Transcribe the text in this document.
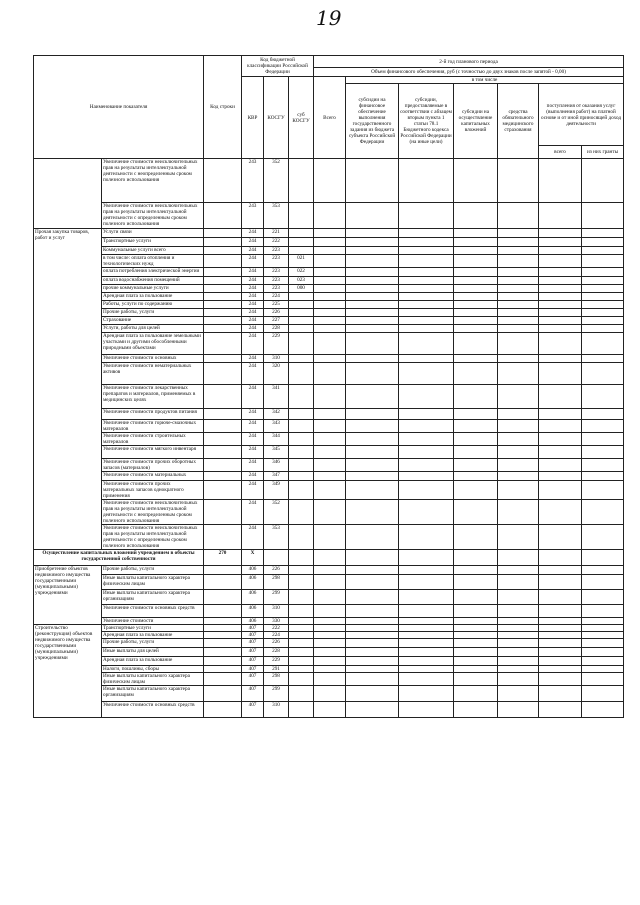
19
Наименование показателя		Код строки	Код бюджетной классификации Российской Федерации			2-й год планового периода						
						Объем финансового обеспечения, руб (с точностью до двух знаков после запятой - 0,00)						
			КВР	КОСГУ	суб КОСГУ	Всего	в том числе					
							субсидии на финансовое обеспечение выполнения государственного задания из бюджета субъекта Российской Федерации	субсидии, предоставляемые в соответствии с абзацем вторым пункта 1 статьи 78.1 Бюджетного кодекса Российской Федерации (на иные цели)	субсидии на осуществление капитальных вложений	средства обязательного медицинского страхования	поступления от оказания услуг (выполнения работ) на платной основе и от иной приносящей доход деятельности	
											всего	из них гранты
	Увеличение стоимости неисключительных прав на результаты интеллектуальной деятельности с неопределенным сроком полезного использования		243	352								
	Увеличение стоимости неисключительных прав на результаты интеллектуальной деятельности с определенным сроком полезного использования		243	353								
Прочая закупка товаров, работ и услуг	Услуги связи		244	221								
	Транспортные услуги		244	222								
	Коммунальные услуги всего		244	223								
	в том числе: оплата отопления и технологических нужд		244	223	021							
	оплата потребления электрической энергии		244	223	022							
	оплата водоснабжения помещений		244	223	023							
	прочие коммунальные услуги		244	223	000							
	Арендная плата за пользование		244	224								
	Работы, услуги по содержанию		244	225								
	Прочие работы, услуги		244	226								
	Страхование		244	227								
	Услуги, работы для целей		244	228								
	Арендная плата за пользование земельными участками и другими обособленными природными объектами		244	229								
	Увеличение стоимости основных		244	310								
	Увеличение стоимости нематериальных активов		244	320								
	Увеличение стоимости лекарственных препаратов и материалов, применяемых в медицинских целях		244	341								
	Увеличение стоимости продуктов питания		244	342								
	Увеличение стоимости горюче-смазочных материалов		244	343								
	Увеличение стоимости строительных материалов		244	344								
	Увеличение стоимости мягкого инвентаря		244	345								
	Увеличение стоимости прочих оборотных запасов (материалов)		244	346								
	Увеличение стоимости материальных		244	347								
	Увеличение стоимости прочих материальных запасов однократного применения		244	349								
	Увеличение стоимости неисключительных прав на результаты интеллектуальной деятельности с неопределенным сроком полезного использования		244	352								
	Увеличение стоимости неисключительных прав на результаты интеллектуальной деятельности с определенным сроком полезного использования		244	353								
Осуществление капитальных вложений учреждением в объекты государственной собственности		270	Х									
Приобретение объектов недвижимого имущества государственными (муниципальными) учреждениями	Прочие работы, услуги		406	226								
	Иные выплаты капитального характера физическим лицам		406	298								
	Иные выплаты капитального характера организациям		406	299								
	Увеличение стоимости основных средств		406	310								
	Увеличение стоимости		406	330								
Строительство (реконструкция) объектов недвижимого имущества государственными (муниципальными) учреждениями	Транспортные услуги		407	222								
	Арендная плата за пользование		407	224								
	Прочие работы, услуги		407	226								
	Иные выплаты для целей		407	228								
	Арендная плата за пользование		407	229								
	Налоги, пошлины, сборы		407	291								
	Иные выплаты капитального характера физическим лицам		407	298								
	Иные выплаты капитального характера организациям		407	299								
	Увеличение стоимости основных средств		407	310								
